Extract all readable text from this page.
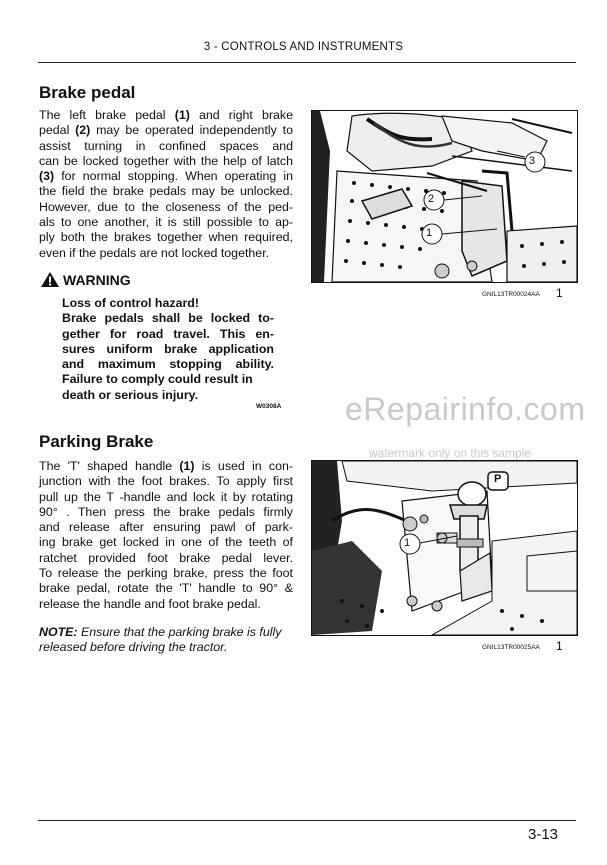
3 - CONTROLS AND INSTRUMENTS
Brake pedal
The left brake pedal (1) and right brake
pedal (2) may be operated independently to
assist turning in confined spaces and
can be locked together with the help of latch
(3) for normal stopping. When operating in
the field the brake pedals may be unlocked.
However, due to the closeness of the ped-
als to one another, it is still possible to ap-
ply both the brakes together when required,
even if the pedals are not locked together.
WARNING
Loss of control hazard!
Brake pedals shall be locked to-
gether for road travel. This en-
sures uniform brake application
and maximum stopping ability.
Failure to comply could result in
death or serious injury.
W0308A
1
2
3
GNIL13TR00024AA 1
eRepairinfo.com
watermark only on this sample
Parking Brake
The 'T' shaped handle (1) is used in con-
junction with the foot brakes. To apply first
pull up the T -handle and lock it by rotating
90° . Then press the brake pedals firmly
and release after ensuring pawl of park-
ing brake get locked in one of the teeth of
ratchet provided foot brake pedal lever.
To release the perking brake, press the foot
brake pedal, rotate the 'T' handle to 90° &
release the handle and foot brake pedal.
NOTE: Ensure that the parking brake is fully
released before driving the tractor.
P
1
GNIL13TR00025AA 1
3-13
